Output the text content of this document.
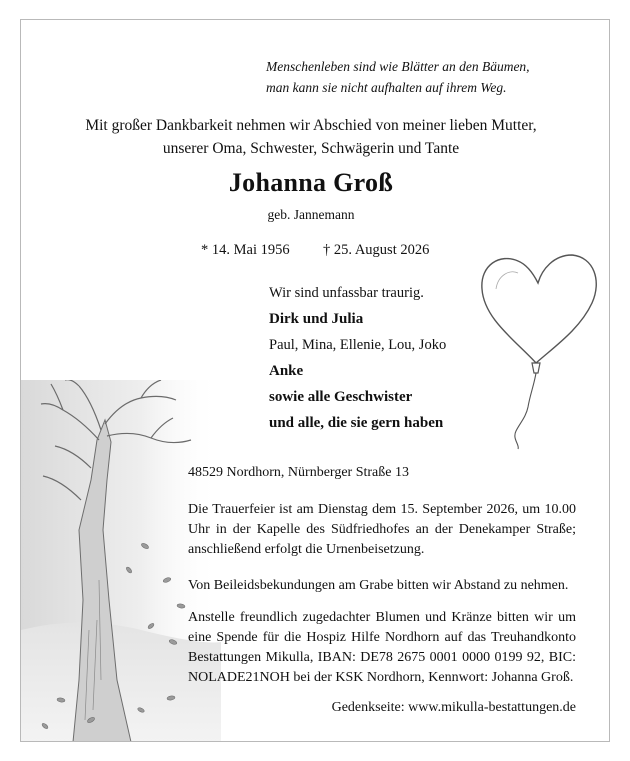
Menschenleben sind wie Blätter an den Bäumen,
man kann sie nicht aufhalten auf ihrem Weg.
Mit großer Dankbarkeit nehmen wir Abschied von meiner lieben Mutter,
unserer Oma, Schwester, Schwägerin und Tante
Johanna Groß
geb. Jannemann
* 14. Mai 1956 † 25. August 2026
Wir sind unfassbar traurig.
Dirk und Julia
Paul, Mina, Ellenie, Lou, Joko
Anke
sowie alle Geschwister
und alle, die sie gern haben
48529 Nordhorn, Nürnberger Straße 13
Die Trauerfeier ist am Dienstag dem 15. September 2026, um 10.00 Uhr in der Kapelle des Südfriedhofes an der Denekamper Straße; anschließend erfolgt die Urnenbeisetzung.
Von Beileidsbekundungen am Grabe bitten wir Abstand zu nehmen.
Anstelle freundlich zugedachter Blumen und Kränze bitten wir um eine Spende für die Hospiz Hilfe Nordhorn auf das Treuhandkonto Bestattungen Mikulla, IBAN: DE78 2675 0001 0000 0199 92, BIC: NOLADE21NOH bei der KSK Nordhorn, Kennwort: Johanna Groß.
Gedenkseite: www.mikulla-bestattungen.de
